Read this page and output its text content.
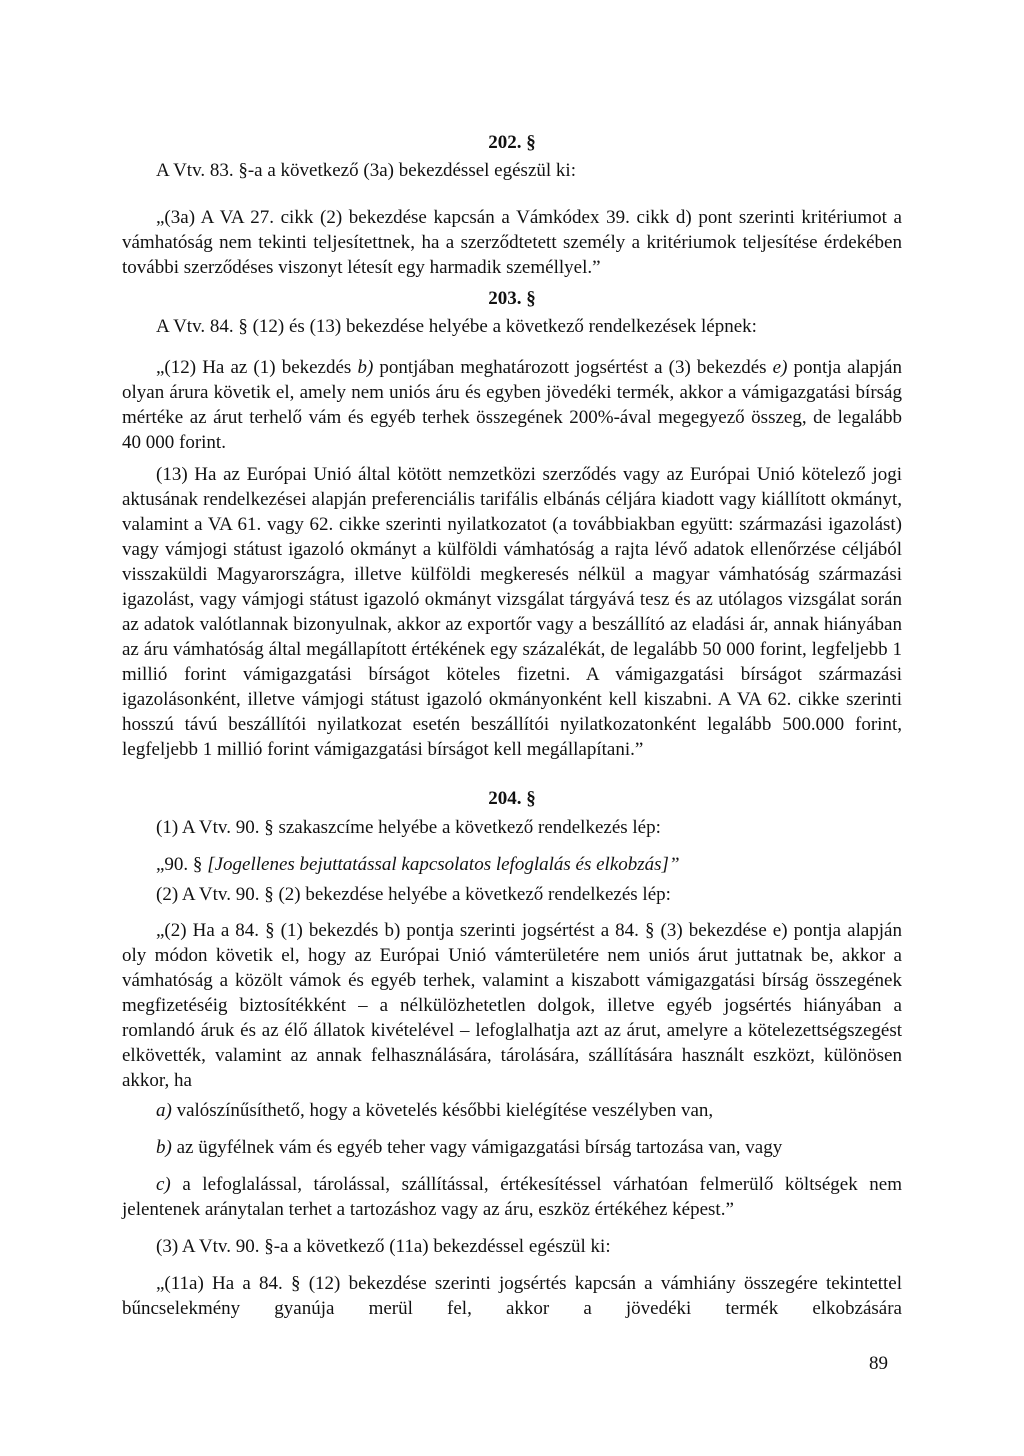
202. §
A Vtv. 83. §-a a következő (3a) bekezdéssel egészül ki:
„(3a) A VA 27. cikk (2) bekezdése kapcsán a Vámkódex 39. cikk d) pont szerinti kritériumot a vámhatóság nem tekinti teljesítettnek, ha a szerződtetett személy a kritériumok teljesítése érdekében további szerződéses viszonyt létesít egy harmadik személlyel.”
203. §
A Vtv. 84. § (12) és (13) bekezdése helyébe a következő rendelkezések lépnek:
„(12) Ha az (1) bekezdés b) pontjában meghatározott jogsértést a (3) bekezdés e) pontja alapján olyan árura követik el, amely nem uniós áru és egyben jövedéki termék, akkor a vámigazgatási bírság mértéke az árut terhelő vám és egyéb terhek összegének 200%-ával megegyező összeg, de legalább 40 000 forint.
(13) Ha az Európai Unió által kötött nemzetközi szerződés vagy az Európai Unió kötelező jogi aktusának rendelkezései alapján preferenciális tarifális elbánás céljára kiadott vagy kiállított okmányt, valamint a VA 61. vagy 62. cikke szerinti nyilatkozatot (a továbbiakban együtt: származási igazolást) vagy vámjogi státust igazoló okmányt a külföldi vámhatóság a rajta lévő adatok ellenőrzése céljából visszaküldi Magyarországra, illetve külföldi megkeresés nélkül a magyar vámhatóság származási igazolást, vagy vámjogi státust igazoló okmányt vizsgálat tárgyává tesz és az utólagos vizsgálat során az adatok valótlannak bizonyulnak, akkor az exportőr vagy a beszállító az eladási ár, annak hiányában az áru vámhatóság által megállapított értékének egy százalékát, de legalább 50 000 forint, legfeljebb 1 millió forint vámigazgatási bírságot köteles fizetni. A vámigazgatási bírságot származási igazolásonként, illetve vámjogi státust igazoló okmányonként kell kiszabni. A VA 62. cikke szerinti hosszú távú beszállítói nyilatkozat esetén beszállítói nyilatkozatonként legalább 500.000 forint, legfeljebb 1 millió forint vámigazgatási bírságot kell megállapítani.”
204. §
(1) A Vtv. 90. § szakaszcíme helyébe a következő rendelkezés lép:
„90. § [Jogellenes bejuttatással kapcsolatos lefoglalás és elkobzás]”
(2) A Vtv. 90. § (2) bekezdése helyébe a következő rendelkezés lép:
„(2) Ha a 84. § (1) bekezdés b) pontja szerinti jogsértést a 84. § (3) bekezdése e) pontja alapján oly módon követik el, hogy az Európai Unió vámterületére nem uniós árut juttatnak be, akkor a vámhatóság a közölt vámok és egyéb terhek, valamint a kiszabott vámigazgatási bírság összegének megfizetéséig biztosítékként – a nélkülözhetetlen dolgok, illetve egyéb jogsértés hiányában a romlandó áruk és az élő állatok kivételével – lefoglalhatja azt az árut, amelyre a kötelezettségszegést elkövették, valamint az annak felhasználására, tárolására, szállítására használt eszközt, különösen akkor, ha
a) valószínűsíthető, hogy a követelés későbbi kielégítése veszélyben van,
b) az ügyfélnek vám és egyéb teher vagy vámigazgatási bírság tartozása van, vagy
c) a lefoglalással, tárolással, szállítással, értékesítéssel várhatóan felmerülő költségek nem jelentenek aránytalan terhet a tartozáshoz vagy az áru, eszköz értékéhez képest.”
(3) A Vtv. 90. §-a a következő (11a) bekezdéssel egészül ki:
„(11a) Ha a 84. § (12) bekezdése szerinti jogsértés kapcsán a vámhiány összegére tekintettel bűncselekmény gyanúja merül fel, akkor a jövedéki termék elkobzására
89
